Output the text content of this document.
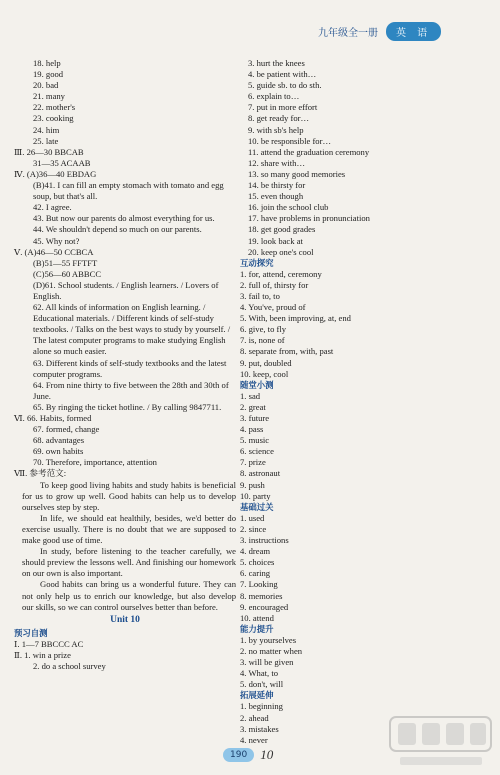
九年级全一册	英 语
18. help
19. good
20. bad
21. many
22. mother's
23. cooking
24. him
25. late
Ⅲ. 26—30 BBCAB
31—35 ACAAB
Ⅳ. (A)36—40 EBDAG
(B)41. I can fill an empty stomach with tomato and egg soup, but that's all.
42. I agree.
43. But now our parents do almost everything for us.
44. We shouldn't depend so much on our parents.
45. Why not?
Ⅴ. (A)46—50 CCBCA
(B)51—55 FFTFT
(C)56—60 ABBCC
(D)61. School students. / English learners. / Lovers of English.
62. All kinds of information on English learning. / Educational materials. / Different kinds of self-study textbooks. / Talks on the best ways to study by yourself. / The latest computer programs to make studying English alone so much easier.
63. Different kinds of self-study textbooks and the latest computer programs.
64. From nine thirty to five between the 28th and 30th of June.
65. By ringing the ticket hotline. / By calling 9847711.
Ⅵ. 66. Habits, formed
67. formed, change
68. advantages
69. own habits
70. Therefore, importance, attention
Ⅶ. 参考范文:
To keep good living habits and study habits is beneficial for us to grow up well. Good habits can help us to develop ourselves step by step.
In life, we should eat healthily, besides, we'd better do exercise usually. There is no doubt that we are supposed to make good use of time.
In study, before listening to the teacher carefully, we should preview the lessons well. And finishing our homework on our own is also important.
Good habits can bring us a wonderful future. They can not only help us to enrich our knowledge, but also develop our skills, so we can control ourselves better than before.
Unit 10
预习自测
Ⅰ. 1—7 BBCCC AC
Ⅱ. 1. win a prize
2. do a school survey
3. hurt the knees
4. be patient with…
5. guide sb. to do sth.
6. explain to…
7. put in more effort
8. get ready for…
9. with sb's help
10. be responsible for…
11. attend the graduation ceremony
12. share with…
13. so many good memories
14. be thirsty for
15. even though
16. join the school club
17. have problems in pronunciation
18. get good grades
19. look back at
20. keep one's cool
互动探究
1. for, attend, ceremony
2. full of, thirsty for
3. fail to, to
4. You've, proud of
5. With, been improving, at, end
6. give, to fly
7. is, none of
8. separate from, with, past
9. put, doubled
10. keep, cool
随堂小测
1. sad
2. great
3. future
4. pass
5. music
6. science
7. prize
8. astronaut
9. push
10. party
基础过关
1. used
2. since
3. instructions
4. dream
5. choices
6. caring
7. Looking
8. memories
9. encouraged
10. attend
能力提升
1. by yourselves
2. no matter when
3. will be given
4. What, to
5. don't, will
拓展延伸
1. beginning
2. ahead
3. mistakes
4. never
190	10
